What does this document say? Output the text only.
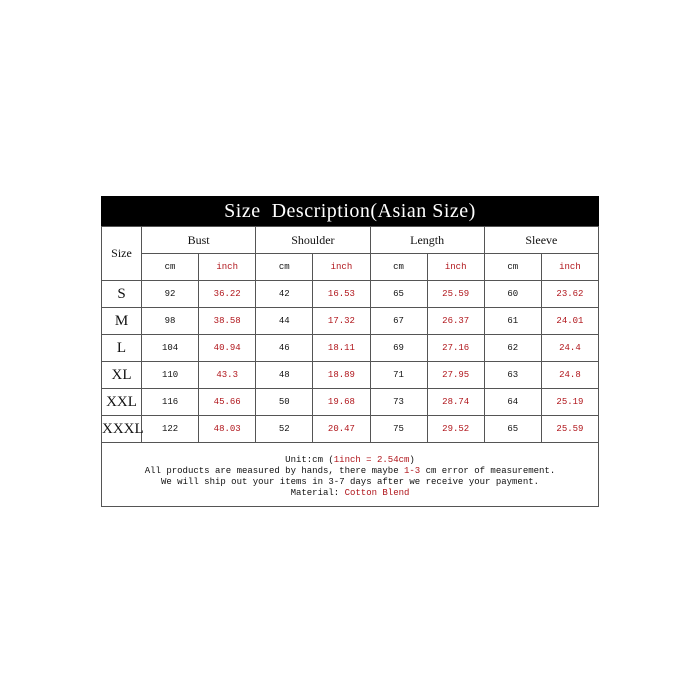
Size  Description(Asian Size)
Size	Bust		Shoulder		Length		Sleeve	
	cm	inch	cm	inch	cm	inch	cm	inch
S	92	36.22	42	16.53	65	25.59	60	23.62
M	98	38.58	44	17.32	67	26.37	61	24.01
L	104	40.94	46	18.11	69	27.16	62	24.4
XL	110	43.3	48	18.89	71	27.95	63	24.8
XXL	116	45.66	50	19.68	73	28.74	64	25.19
XXXL	122	48.03	52	20.47	75	29.52	65	25.59
Unit:cm (1inch = 2.54cm)
All products are measured by hands, there maybe 1-3 cm error of measurement.
We will ship out your items in 3-7 days after we receive your payment.
Material: Cotton Blend
